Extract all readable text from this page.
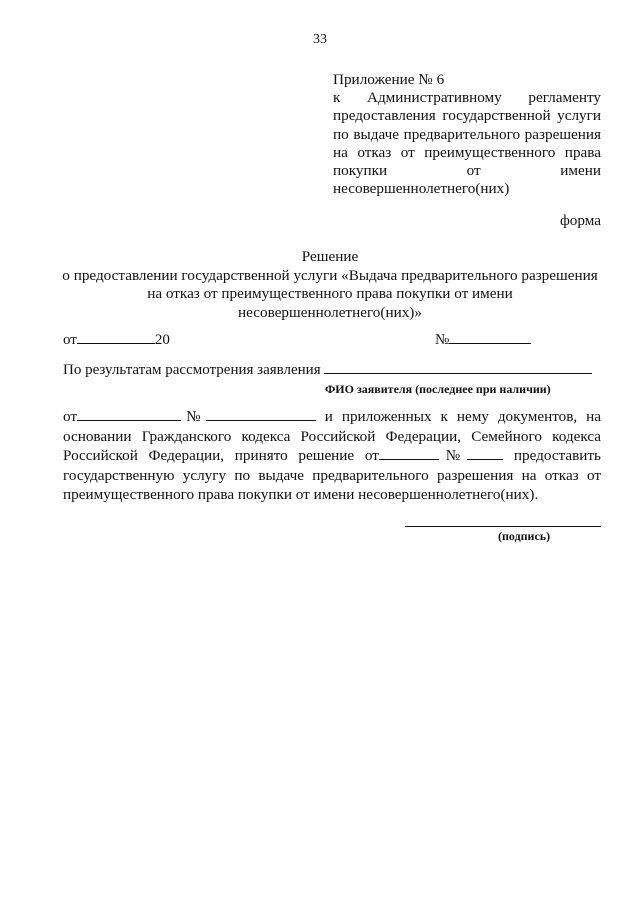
33
Приложение № 6
к Административному регламенту
предоставления государственной услуги
по выдаче предварительного разрешения
на отказ от преимущественного права
покупки от имени
несовершеннолетнего(них)
форма
Решение
о предоставлении государственной услуги «Выдача предварительного разрешения
на отказ от преимущественного права покупки от имени
несовершеннолетнего(них)»
от	20	№
По результатам рассмотрения заявления
ФИО заявителя (последнее при наличии)
от	№	и приложенных к нему документов, на
основании Гражданского кодекса Российской Федерации, Семейного кодекса
Российской Федерации, принято решение от	№	предоставить
государственную услугу по выдаче предварительного разрешения на отказ от
преимущественного права покупки от имени несовершеннолетнего(них).
(подпись)
